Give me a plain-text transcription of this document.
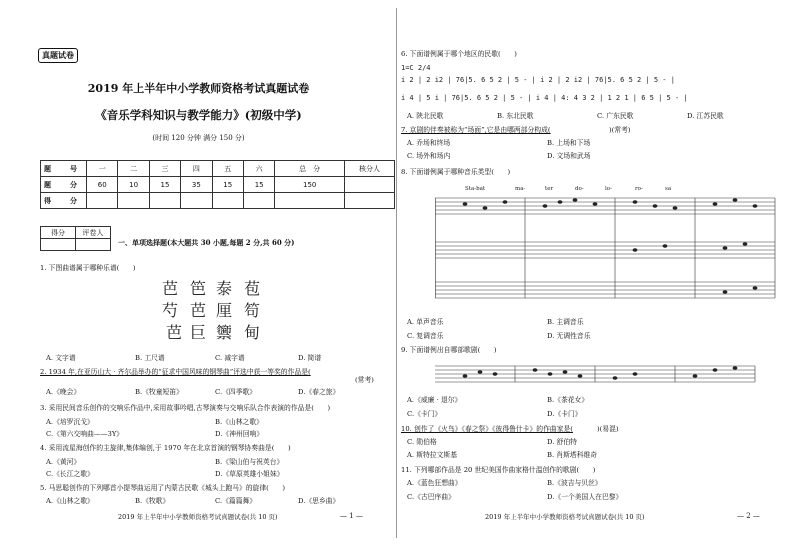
真题试卷
2019 年上半年中小学教师资格考试真题试卷
《音乐学科知识与教学能力》(初级中学)
(时间 120 分钟 满分 150 分)
题　号	一	二	三	四	五	六	总　分	核分人
题　分	60	10	15	35	15	15	150	
得　分								
得分	评卷人

一、单项选择题(本大题共 30 小题,每题 2 分,共 60 分)
1. 下图曲谱属于哪种乐谱(　　)
芭 笆 泰 苞
芍 芭 厘 笱
芭 巨 籞 甸
A. 文字谱	B. 工尺谱	C. 减字谱	D. 简谱
2. 1934 年,在亚历山大 · 齐尔品举办的“征求中国风味的钢琴曲”评选中获一等奖的作品是(
(常考)
A.《晚会》	B.《牧童短笛》	C.《四季歌》	D.《春之旅》
3. 采用民间音乐创作的交响乐作品中,采用故事吟唱,古琴演奏与交响乐队合作表演的作品是(　　)
A.《培罗沉戈》	B.《山林之歌》
C.《第六交响曲——3Y》	D.《神州回响》
4. 采用流星海创作的主旋律,集体编创,于 1970 年在北京首演的钢琴协奏曲是(　　)
A.《黄河》	B.《梁山伯与祝英台》
C.《长江之歌》	D.《草原英雄小姐妹》
5. 马思聪创作的下列哪首小提琴曲运用了内蒙古民歌《城头上跑马》的旋律(　　)
A.《山林之歌》	B.《牧歌》	C.《篇篇舞》	D.《思乡曲》
2019 年上半年中小学教师资格考试真题试卷(共 10 页)	— 1 —
6. 下面谱例属于哪个地区的民歌(　　)
1=C 2/4
i 2 | 2 i2 | 76|5. 6 5 2 | 5 - | i 2 | 2 i2 | 76|5. 6 5 2 | 5 - |
i 4 | 5 i | 76|5. 6 5 2 | 5 - | i 4 | 4: 4 3 2 | 1 2 1 | 6 5 | 5 - |
A. 陕北民歌	B. 东北民歌	C. 广东民歌	D. 江苏民歌
7. 京剧的伴奏被称为“场面”,它是由哪两部分构成(	)(常考)
A. 乔场和终场	B. 上场和下场
C. 场外和场内	D. 文场和武场
8. 下面谱例属于哪种音乐类型(　　)
Sta-bat	ma-	ter	do-	lo-	ro-	sa
A. 单声音乐	B. 主调音乐
C. 复调音乐	D. 无调性音乐
9. 下面谱例出自哪部歌剧(　　)
A.《威廉 · 退尔》	B.《茶花女》
C.《卡门》	D.《卡门》
10. 创作了《火鸟》《春之祭》《彼得鲁什卡》的作曲家是(	)(易混)
C. 勋伯格	D. 舒伯特
A. 斯特拉文斯基	B. 肖斯塔科维奇
11. 下列哪部作品是 20 世纪美国作曲家格什温创作的歌剧(　　)
A.《蓝色狂想曲》	B.《波吉与贝丝》
C.《古巴序曲》	D.《一个美国人在巴黎》
2019 年上半年中小学教师资格考试真题试卷(共 10 页)	— 2 —
